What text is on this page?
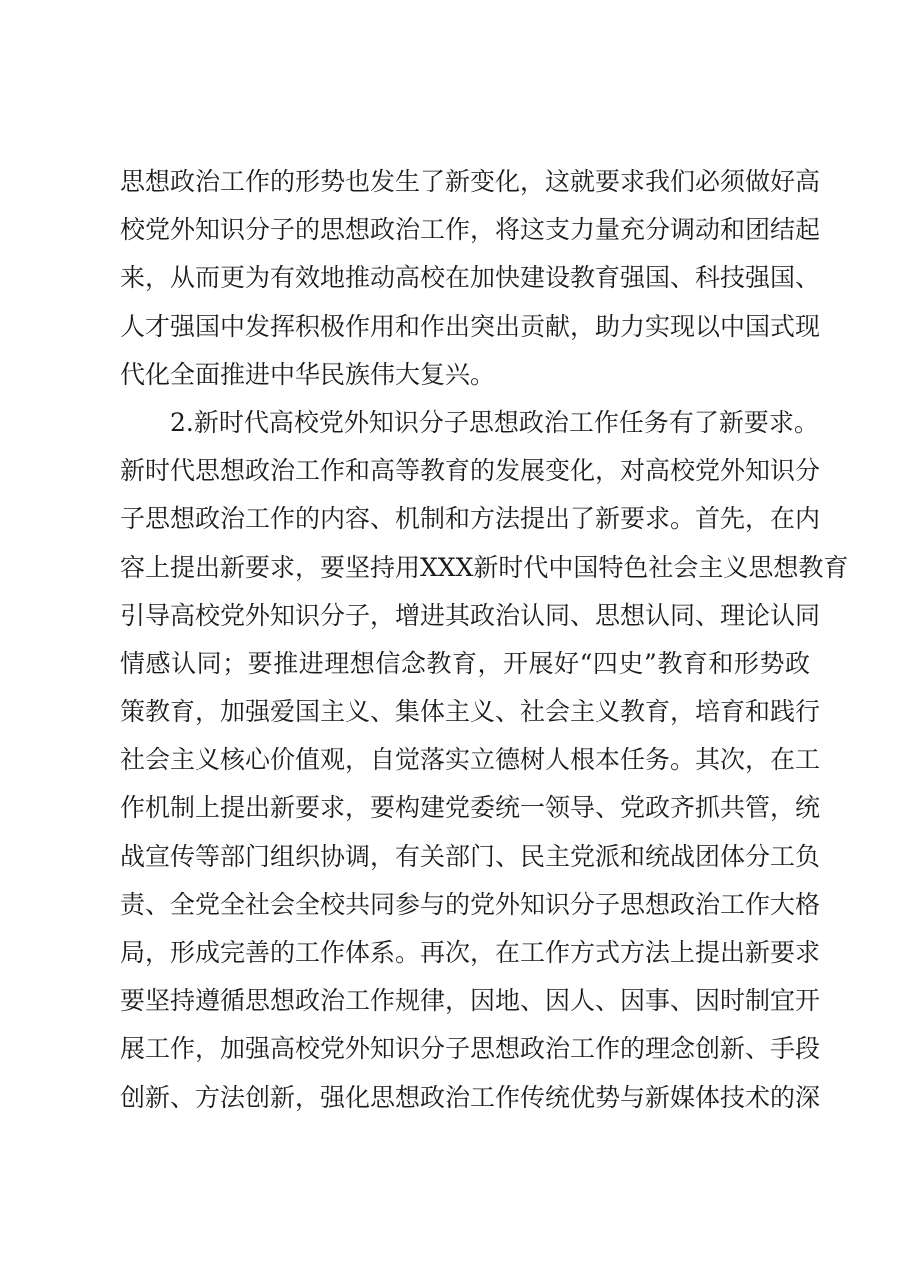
思想政治工作的形势也发生了新变化，这就要求我们必须做好高
校党外知识分子的思想政治工作，将这支力量充分调动和团结起
来，从而更为有效地推动高校在加快建设教育强国、科技强国、
人才强国中发挥积极作用和作出突出贡献，助力实现以中国式现
代化全面推进中华民族伟大复兴。
2.新时代高校党外知识分子思想政治工作任务有了新要求。
新时代思想政治工作和高等教育的发展变化，对高校党外知识分
子思想政治工作的内容、机制和方法提出了新要求。首先，在内
容上提出新要求，要坚持用XXX新时代中国特色社会主义思想教育
引导高校党外知识分子，增进其政治认同、思想认同、理论认同
情感认同；要推进理想信念教育，开展好“四史”教育和形势政
策教育，加强爱国主义、集体主义、社会主义教育，培育和践行
社会主义核心价值观，自觉落实立德树人根本任务。其次，在工
作机制上提出新要求，要构建党委统一领导、党政齐抓共管，统
战宣传等部门组织协调，有关部门、民主党派和统战团体分工负
责、全党全社会全校共同参与的党外知识分子思想政治工作大格
局，形成完善的工作体系。再次，在工作方式方法上提出新要求
要坚持遵循思想政治工作规律，因地、因人、因事、因时制宜开
展工作，加强高校党外知识分子思想政治工作的理念创新、手段
创新、方法创新，强化思想政治工作传统优势与新媒体技术的深
